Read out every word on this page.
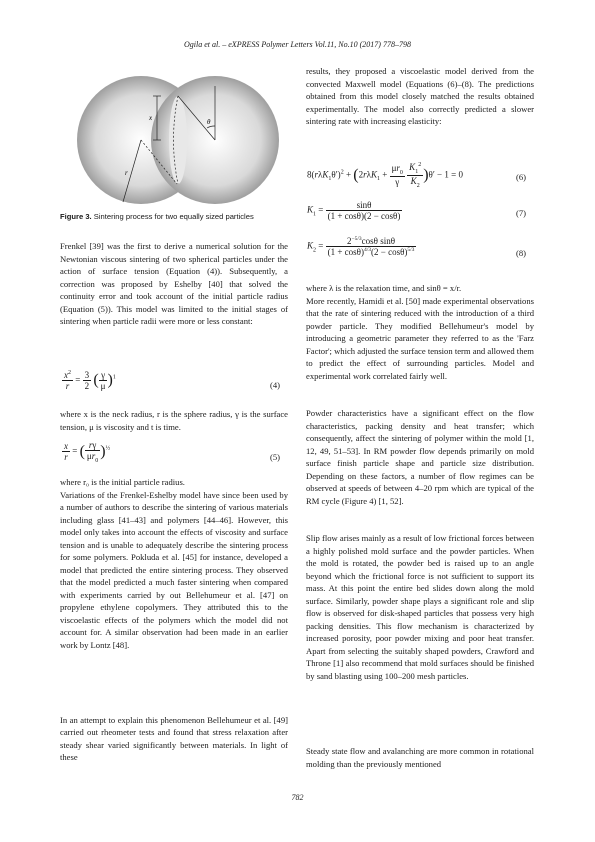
Ogila et al. – eXPRESS Polymer Letters Vol.11, No.10 (2017) 778–798
x
r
θ
Figure 3. Sintering process for two equally sized particles

Frenkel [39] was the first to derive a numerical solution for the Newtonian viscous sintering of two spherical particles under the action of surface tension (Equation (4)). Subsequently, a correction was proposed by Eshelby [40] that solved the continuity error and took account of the initial particle radius (Equation (5)). This model was limited to the initial stages of sintering when particle radii were more or less constant:

$\frac{x^2}{r} = \frac{3}{2}$ ( $\frac{\gamma}{\mu} )^1$
(4)

where x is the neck radius, r is the sphere radius, γ is the surface tension, μ is viscosity and t is time.

$\frac{x}{r}$ = ( $\frac{r\gamma}{\mu r_0} )^{\frac{1}{2}}$
(5)

where r₀ is the initial particle radius.

Variations of the Frenkel-Eshelby model have since been used by a number of authors to describe the sintering of various materials including glass [41–43] and polymers [44–46]. However, this model only takes into account the effects of viscosity and surface tension and is unable to adequately describe the sintering process for some polymers. Pokluda et al. [45] for instance, developed a model that predicted the entire sintering process. They observed that the model predicted a much faster sintering when compared with experiments carried by out Bellehumeur et al. [47] on propylene ethylene copolymers. They attributed this to the viscoelastic effects of the polymers which the model did not account for. A similar observation had been made in an earlier work by Lontz [48].

In an attempt to explain this phenomenon Bellehumeur et al. [49] carried out rheometer tests and found that stress relaxation after steady shear varied significantly between materials. In light of these

results, they proposed a viscoelastic model derived from the convected Maxwell model (Equations (6)–(8). The predictions obtained from this model closely matched the results obtained experimentally. The model also correctly predicted a slower sintering rate with increasing elasticity:

$8(r\lambda K_1\theta')^2 + (2r\lambda K_1 + \frac{\mu r_0}{\gamma}$
$\frac{K_1^2}{K_2} )\theta' - 1 = 0$	(6)
$K_1 = \frac{\sin\theta}{(1 + \cos\theta)(2 - \cos\theta)}$	(7)
$K_2 = \frac{2^{-5/3}\cos\theta \sin\theta}{(1 + \cos\theta)^{4/3}(2 - \cos\theta)^{5/3}}$	(8)

where λ is the relaxation time, and sinθ = x/r.

More recently, Hamidi et al. [50] made experimental observations that the rate of sintering reduced with the introduction of a third powder particle. They modified Bellehumeur's model by introducing a geometric parameter they referred to as the 'Farz Factor'; which adjusted the surface tension term and allowed them to predict the effect of surrounding particles. Model and experimental work correlated fairly well.

Powder characteristics have a significant effect on the flow characteristics, packing density and heat transfer; which consequently, affect the sintering of polymer within the mold [1, 12, 49, 51–53]. In RM powder flow depends primarily on mold surface finish particle shape and particle size distribution. Depending on these factors, a number of flow regimes can be observed at speeds of between 4–20 rpm which are typical of the RM cycle (Figure 4) [1, 52].

Slip flow arises mainly as a result of low frictional forces between a highly polished mold surface and the powder particles. When the mold is rotated, the powder bed is raised up to an angle beyond which the frictional force is not sufficient to support its mass. At this point the entire bed slides down along the mold surface. Similarly, powder shape plays a significant role and slip flow is observed for disk-shaped particles that possess very high packing densities. This flow mechanism is characterized by increased porosity, poor powder mixing and poor heat transfer. Apart from selecting the suitably shaped powders, Crawford and Throne [1] also recommend that mold surfaces should be finished by sand blasting using 100–200 mesh particles.

Steady state flow and avalanching are more common in rotational molding than the previously mentioned

782
